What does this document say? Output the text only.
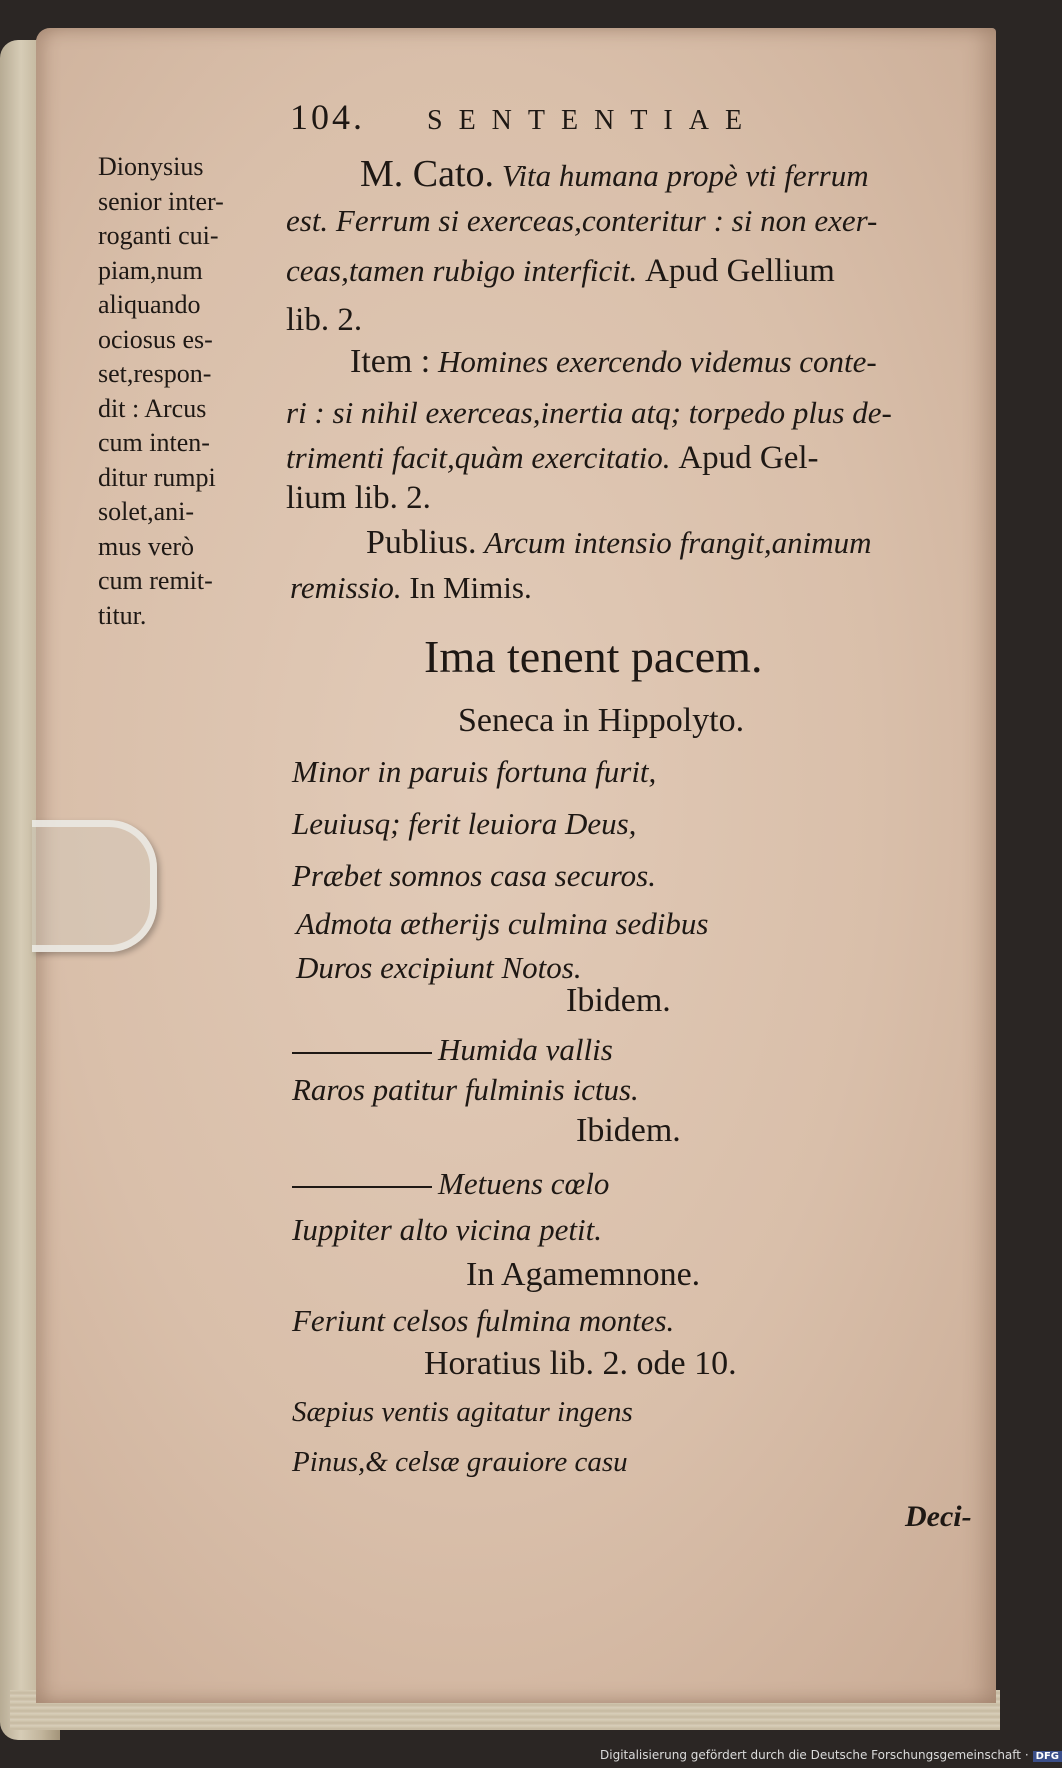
104. SENTENTIAE
Dionysius
senior inter-
roganti cui-
piam,num
aliquando
ociosus es-
set,respon-
dit : Arcus
cum inten-
ditur rumpi
solet,ani-
mus verò
cum remit-
titur.
M. Cato. Vita humana propè vti ferrum
est. Ferrum si exerceas,conteritur : si non exer-
ceas,tamen rubigo interficit. Apud Gellium
lib. 2.
Item : Homines exercendo videmus conte-
ri : si nihil exerceas,inertia atq; torpedo plus de-
trimenti facit,quàm exercitatio. Apud Gel-
lium lib. 2.
Publius. Arcum intensio frangit,animum
remissio. In Mimis.
Ima tenent pacem.
Seneca in Hippolyto.
Minor in paruis fortuna furit,
Leuiusq; ferit leuiora Deus,
Præbet somnos casa securos.
Admota ætherijs culmina sedibus
Duros excipiunt Notos.
Ibidem.
Humida vallis
Raros patitur fulminis ictus.
Ibidem.
Metuens cœlo
Iuppiter alto vicina petit.
In Agamemnone.
Feriunt celsos fulmina montes.
Horatius lib. 2. ode 10.
Sæpius ventis agitatur ingens
Pinus,& celsæ grauiore casu
Deci-
Digitalisierung gefördert durch die Deutsche Forschungsgemeinschaft · DFG
